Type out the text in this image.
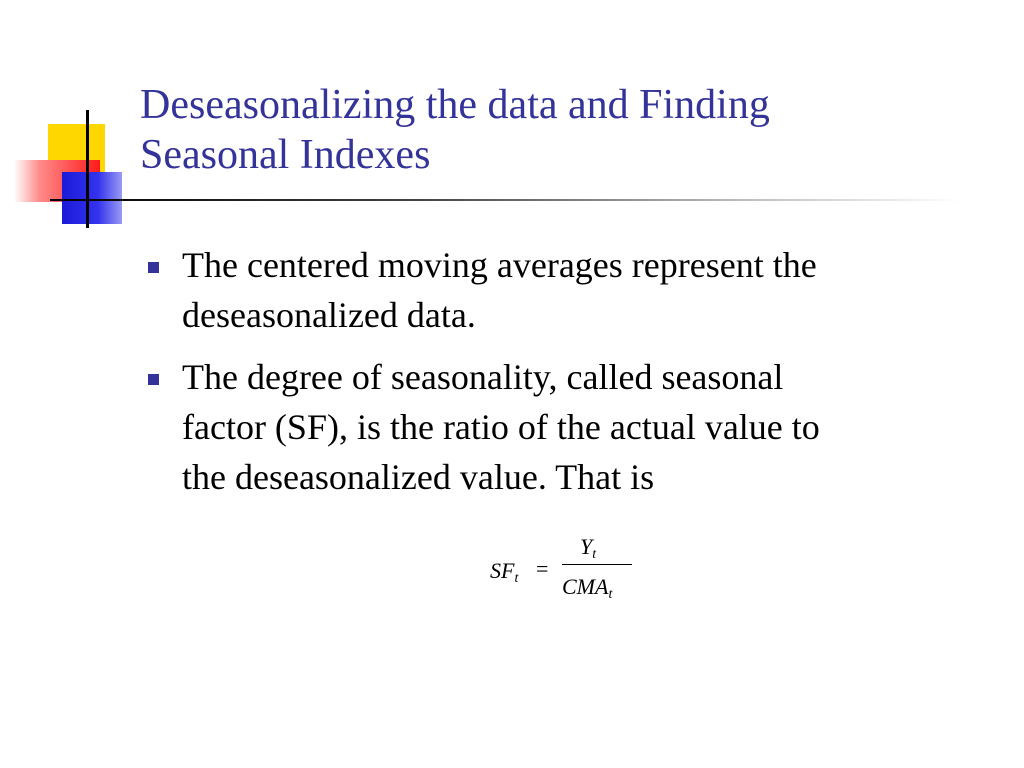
Deseasonalizing the data and Finding
Seasonal Indexes
The centered moving averages represent the
deseasonalized data.
The degree of seasonality, called seasonal
factor (SF), is the ratio of the actual value to
the deseasonalized value. That is
$SF_t$ =
$Y_t$
$CMA_t$
